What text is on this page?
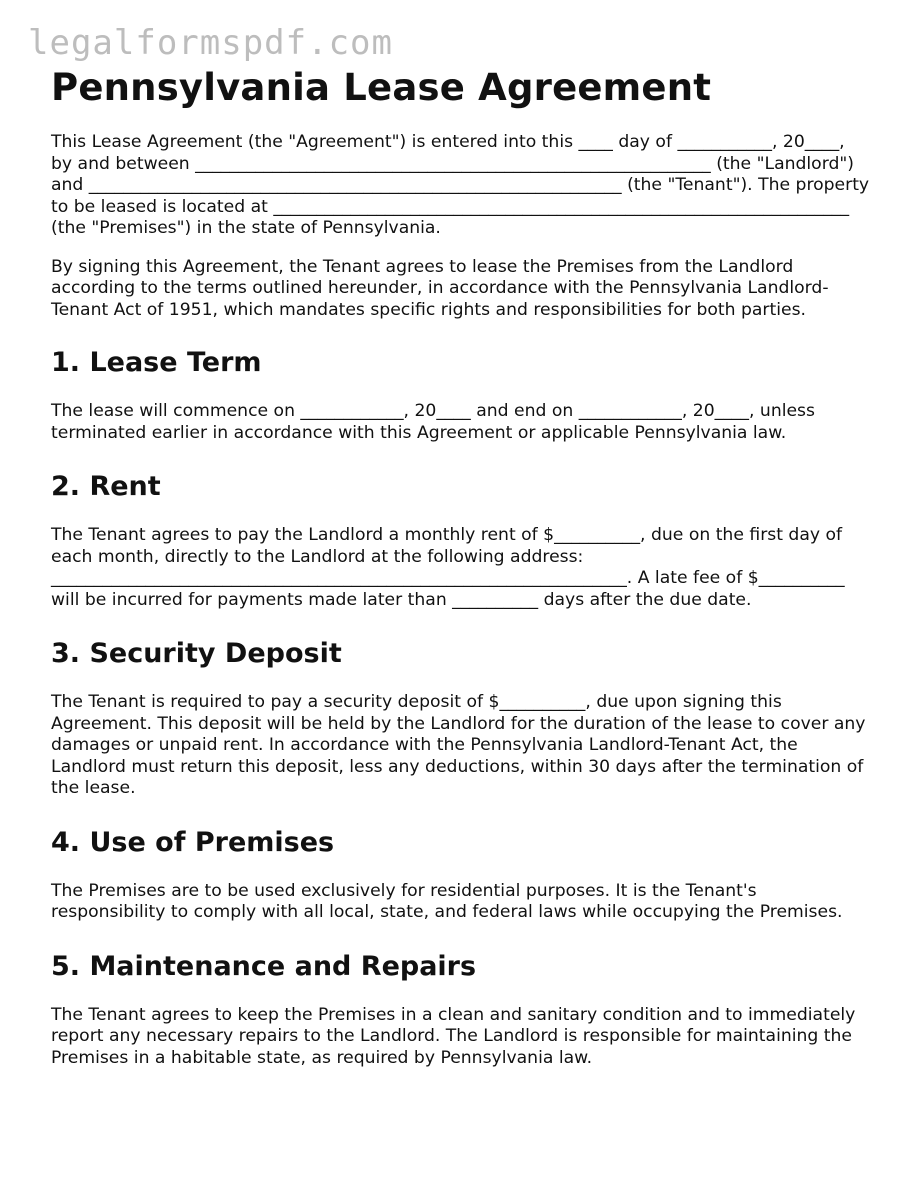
legalformspdf.com
Pennsylvania Lease Agreement

This Lease Agreement (the "Agreement") is entered into this ____ day of ___________, 20____, by and between ____________________________________________________________ (the "Landlord") and ______________________________________________________________ (the "Tenant"). The property to be leased is located at ___________________________________________________________________ (the "Premises") in the state of Pennsylvania.

By signing this Agreement, the Tenant agrees to lease the Premises from the Landlord according to the terms outlined hereunder, in accordance with the Pennsylvania Landlord-Tenant Act of 1951, which mandates specific rights and responsibilities for both parties.

1. Lease Term

The lease will commence on ____________, 20____ and end on ____________, 20____, unless terminated earlier in accordance with this Agreement or applicable Pennsylvania law.

2. Rent

The Tenant agrees to pay the Landlord a monthly rent of $__________, due on the first day of each month, directly to the Landlord at the following address: ___________________________________________________________________. A late fee of $__________ will be incurred for payments made later than __________ days after the due date.

3. Security Deposit

The Tenant is required to pay a security deposit of $__________, due upon signing this Agreement. This deposit will be held by the Landlord for the duration of the lease to cover any damages or unpaid rent. In accordance with the Pennsylvania Landlord-Tenant Act, the Landlord must return this deposit, less any deductions, within 30 days after the termination of the lease.

4. Use of Premises

The Premises are to be used exclusively for residential purposes. It is the Tenant's responsibility to comply with all local, state, and federal laws while occupying the Premises.

5. Maintenance and Repairs

The Tenant agrees to keep the Premises in a clean and sanitary condition and to immediately report any necessary repairs to the Landlord. The Landlord is responsible for maintaining the Premises in a habitable state, as required by Pennsylvania law.
